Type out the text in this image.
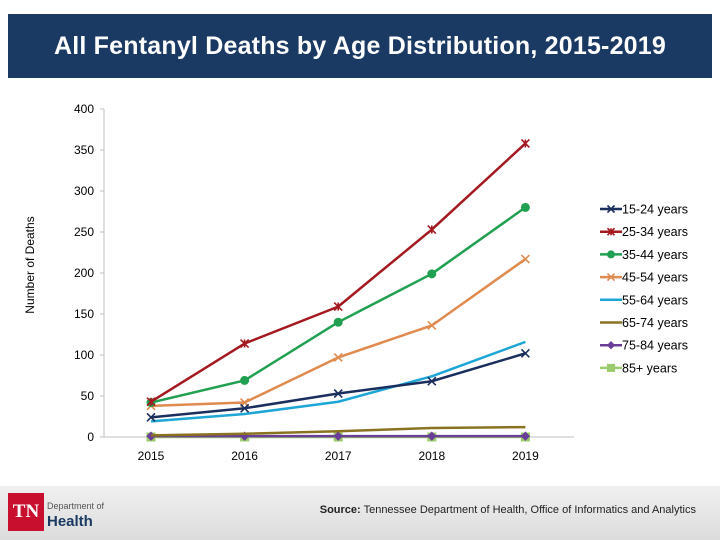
All Fentanyl Deaths by Age Distribution, 2015-2019
Number of Deaths
0
50
100
150
200
250
300
350
400
2015	2016	2017	2018	2019
15-24 years
25-34 years
35-44 years
45-54 years
55-64 years
65-74 years
75-84 years
85+ years
TN Department of
Health
Source: Tennessee Department of Health, Office of Informatics and Analytics
